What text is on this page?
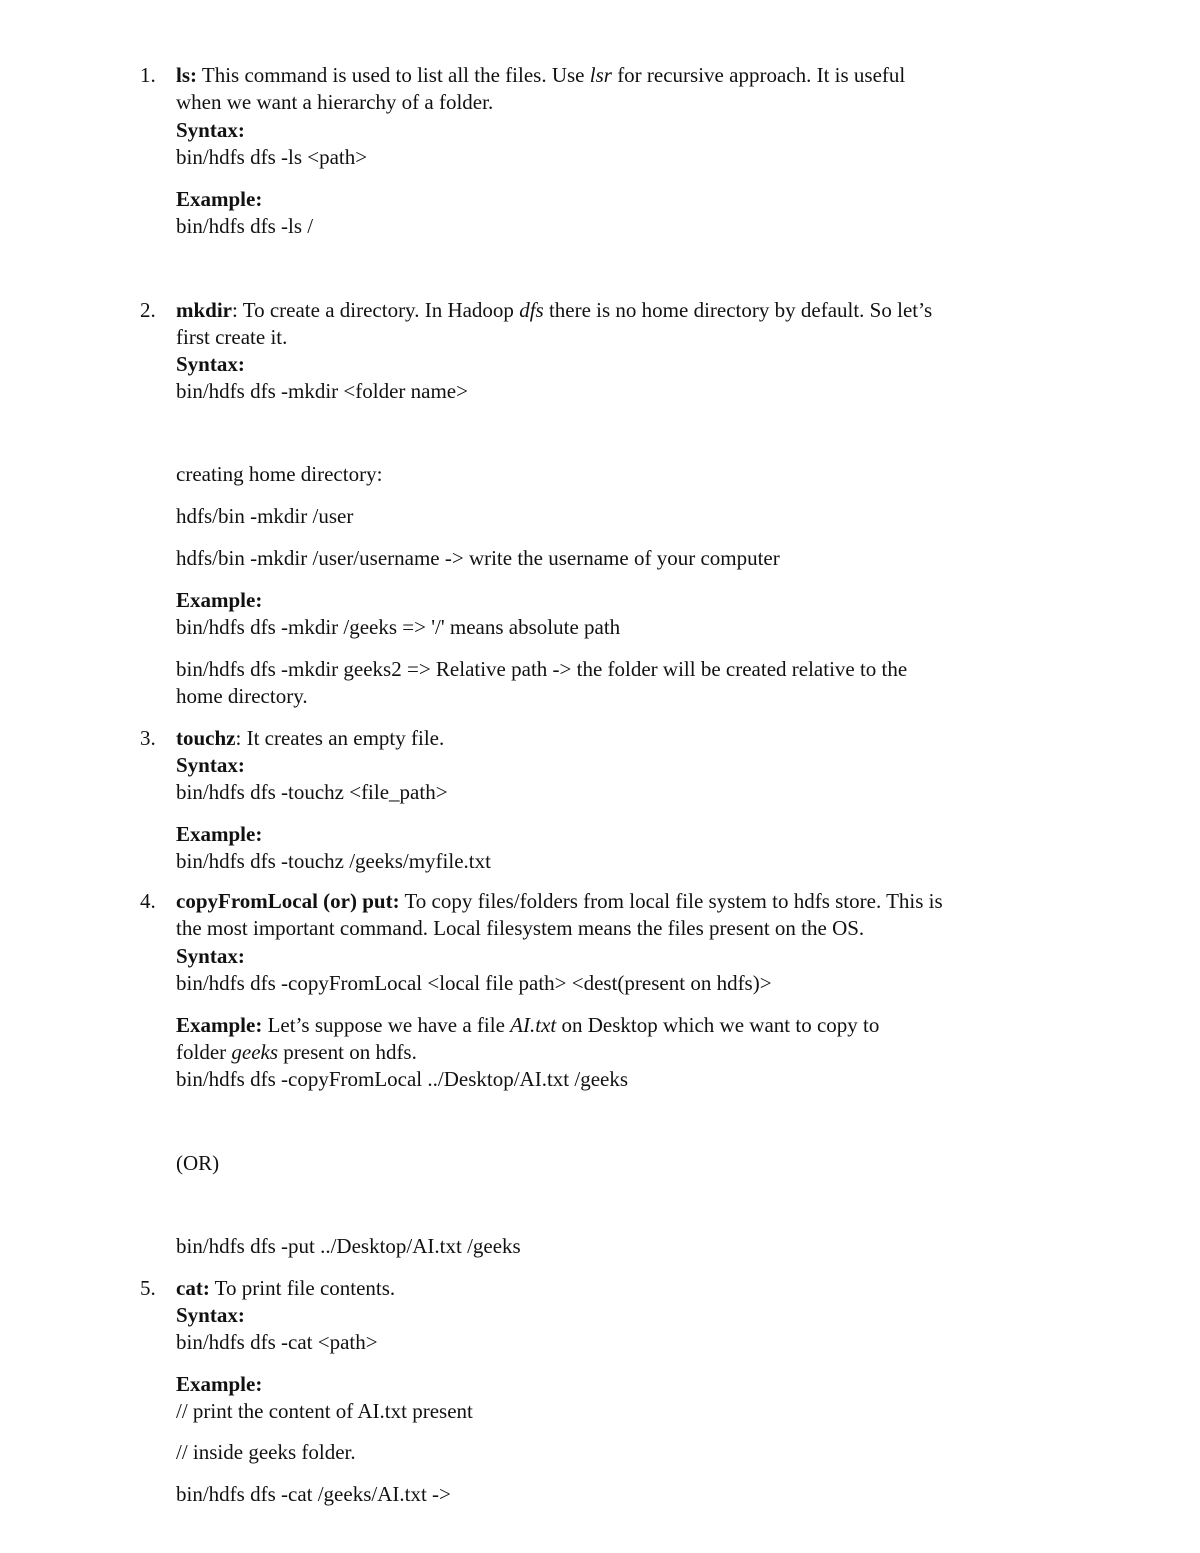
1. ls: This command is used to list all the files. Use lsr for recursive approach. It is useful
when we want a hierarchy of a folder.
Syntax:
bin/hdfs dfs -ls <path>
Example:
bin/hdfs dfs -ls /
2. mkdir: To create a directory. In Hadoop dfs there is no home directory by default. So let’s
first create it.
Syntax:
bin/hdfs dfs -mkdir <folder name>
creating home directory:
hdfs/bin -mkdir /user
hdfs/bin -mkdir /user/username -> write the username of your computer
Example:
bin/hdfs dfs -mkdir /geeks => '/' means absolute path
bin/hdfs dfs -mkdir geeks2 => Relative path -> the folder will be created relative to the
home directory.
3. touchz: It creates an empty file.
Syntax:
bin/hdfs dfs -touchz <file_path>
Example:
bin/hdfs dfs -touchz /geeks/myfile.txt
4. copyFromLocal (or) put: To copy files/folders from local file system to hdfs store. This is
the most important command. Local filesystem means the files present on the OS.
Syntax:
bin/hdfs dfs -copyFromLocal <local file path> <dest(present on hdfs)>
Example: Let’s suppose we have a file AI.txt on Desktop which we want to copy to
folder geeks present on hdfs.
bin/hdfs dfs -copyFromLocal ../Desktop/AI.txt /geeks
(OR)
bin/hdfs dfs -put ../Desktop/AI.txt /geeks
5. cat: To print file contents.
Syntax:
bin/hdfs dfs -cat <path>
Example:
// print the content of AI.txt present
// inside geeks folder.
bin/hdfs dfs -cat /geeks/AI.txt ->
